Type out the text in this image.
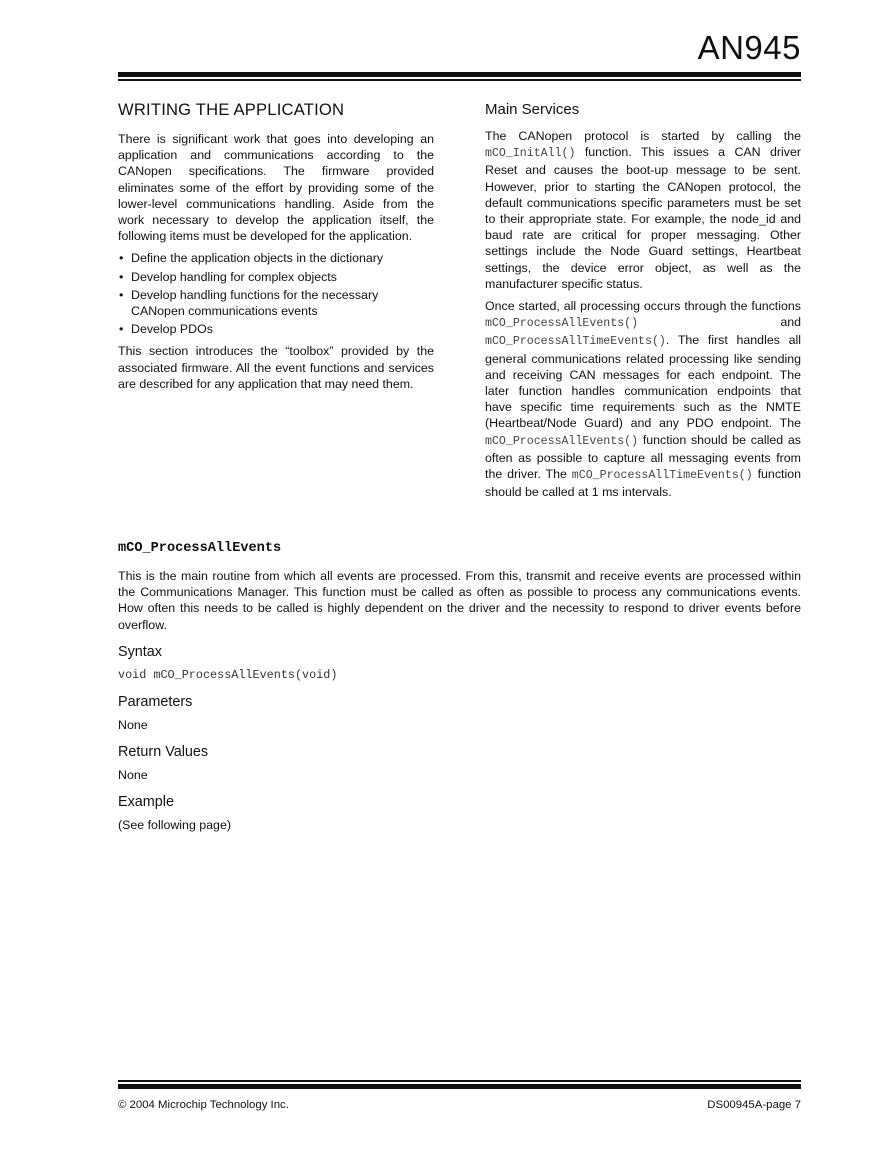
AN945
WRITING THE APPLICATION

There is significant work that goes into developing an application and communications according to the CANopen specifications. The firmware provided eliminates some of the effort by providing some of the lower-level communications handling. Aside from the work necessary to develop the application itself, the following items must be developed for the application.

• Define the application objects in the dictionary
• Develop handling for complex objects
• Develop handling functions for the necessary CANopen communications events
• Develop PDOs

This section introduces the “toolbox” provided by the associated firmware. All the event functions and services are described for any application that may need them.

Main Services

The CANopen protocol is started by calling the mCO_InitAll() function. This issues a CAN driver Reset and causes the boot-up message to be sent. However, prior to starting the CANopen protocol, the default communications specific parameters must be set to their appropriate state. For example, the node_id and baud rate are critical for proper messaging. Other settings include the Node Guard settings, Heartbeat settings, the device error object, as well as the manufacturer specific status.

Once started, all processing occurs through the functions mCO_ProcessAllEvents() and mCO_ProcessAllTimeEvents(). The first handles all general communications related processing like sending and receiving CAN messages for each endpoint. The later function handles communication endpoints that have specific time requirements such as the NMTE (Heartbeat/Node Guard) and any PDO endpoint. The mCO_ProcessAllEvents() function should be called as often as possible to capture all messaging events from the driver. The mCO_ProcessAllTimeEvents() function should be called at 1 ms intervals.

mCO_ProcessAllEvents

This is the main routine from which all events are processed. From this, transmit and receive events are processed within the Communications Manager. This function must be called as often as possible to process any communications events. How often this needs to be called is highly dependent on the driver and the necessity to respond to driver events before overflow.

Syntax
void mCO_ProcessAllEvents(void)
Parameters
None
Return Values
None
Example
(See following page)
© 2004 Microchip Technology Inc.	DS00945A-page 7
